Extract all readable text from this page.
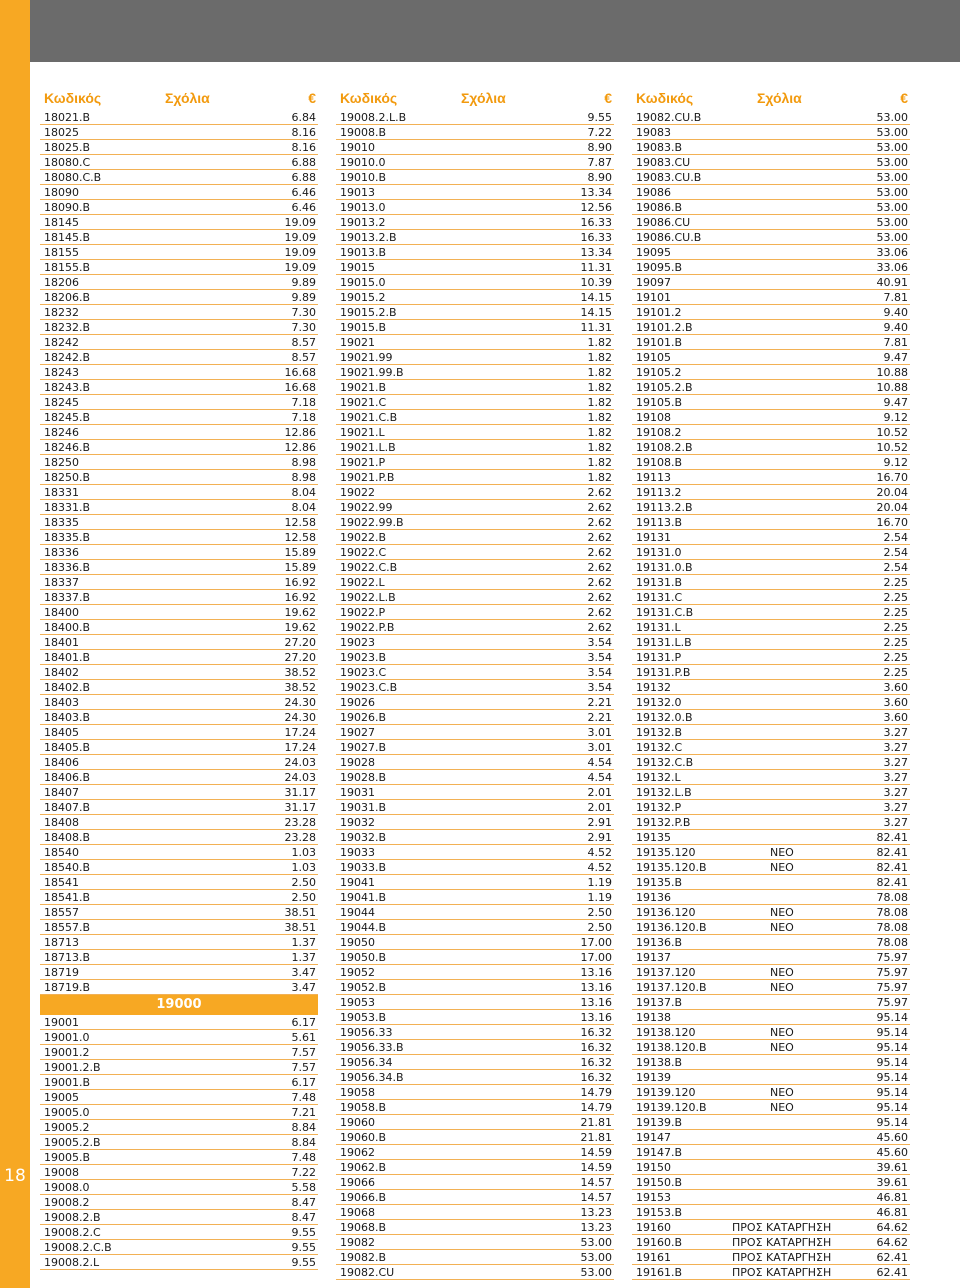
18
Κωδικός	Σχόλια	€
18021.B	6.84
18025	8.16
18025.B	8.16
18080.C	6.88
18080.C.B	6.88
18090	6.46
18090.B	6.46
18145	19.09
18145.B	19.09
18155	19.09
18155.B	19.09
18206	9.89
18206.B	9.89
18232	7.30
18232.B	7.30
18242	8.57
18242.B	8.57
18243	16.68
18243.B	16.68
18245	7.18
18245.B	7.18
18246	12.86
18246.B	12.86
18250	8.98
18250.B	8.98
18331	8.04
18331.B	8.04
18335	12.58
18335.B	12.58
18336	15.89
18336.B	15.89
18337	16.92
18337.B	16.92
18400	19.62
18400.B	19.62
18401	27.20
18401.B	27.20
18402	38.52
18402.B	38.52
18403	24.30
18403.B	24.30
18405	17.24
18405.B	17.24
18406	24.03
18406.B	24.03
18407	31.17
18407.B	31.17
18408	23.28
18408.B	23.28
18540	1.03
18540.B	1.03
18541	2.50
18541.B	2.50
18557	38.51
18557.B	38.51
18713	1.37
18713.B	1.37
18719	3.47
18719.B	3.47
19000
19001	6.17
19001.0	5.61
19001.2	7.57
19001.2.B	7.57
19001.B	6.17
19005	7.48
19005.0	7.21
19005.2	8.84
19005.2.B	8.84
19005.B	7.48
19008	7.22
19008.0	5.58
19008.2	8.47
19008.2.B	8.47
19008.2.C	9.55
19008.2.C.B	9.55
19008.2.L	9.55
Κωδικός	Σχόλια	€
19008.2.L.B	9.55
19008.B	7.22
19010	8.90
19010.0	7.87
19010.B	8.90
19013	13.34
19013.0	12.56
19013.2	16.33
19013.2.B	16.33
19013.B	13.34
19015	11.31
19015.0	10.39
19015.2	14.15
19015.2.B	14.15
19015.B	11.31
19021	1.82
19021.99	1.82
19021.99.B	1.82
19021.B	1.82
19021.C	1.82
19021.C.B	1.82
19021.L	1.82
19021.L.B	1.82
19021.P	1.82
19021.P.B	1.82
19022	2.62
19022.99	2.62
19022.99.B	2.62
19022.B	2.62
19022.C	2.62
19022.C.B	2.62
19022.L	2.62
19022.L.B	2.62
19022.P	2.62
19022.P.B	2.62
19023	3.54
19023.B	3.54
19023.C	3.54
19023.C.B	3.54
19026	2.21
19026.B	2.21
19027	3.01
19027.B	3.01
19028	4.54
19028.B	4.54
19031	2.01
19031.B	2.01
19032	2.91
19032.B	2.91
19033	4.52
19033.B	4.52
19041	1.19
19041.B	1.19
19044	2.50
19044.B	2.50
19050	17.00
19050.B	17.00
19052	13.16
19052.B	13.16
19053	13.16
19053.B	13.16
19056.33	16.32
19056.33.B	16.32
19056.34	16.32
19056.34.B	16.32
19058	14.79
19058.B	14.79
19060	21.81
19060.B	21.81
19062	14.59
19062.B	14.59
19066	14.57
19066.B	14.57
19068	13.23
19068.B	13.23
19082	53.00
19082.B	53.00
19082.CU	53.00
Κωδικός	Σχόλια	€
19082.CU.B	53.00
19083	53.00
19083.B	53.00
19083.CU	53.00
19083.CU.B	53.00
19086	53.00
19086.B	53.00
19086.CU	53.00
19086.CU.B	53.00
19095	33.06
19095.B	33.06
19097	40.91
19101	7.81
19101.2	9.40
19101.2.B	9.40
19101.B	7.81
19105	9.47
19105.2	10.88
19105.2.B	10.88
19105.B	9.47
19108	9.12
19108.2	10.52
19108.2.B	10.52
19108.B	9.12
19113	16.70
19113.2	20.04
19113.2.B	20.04
19113.B	16.70
19131	2.54
19131.0	2.54
19131.0.B	2.54
19131.B	2.25
19131.C	2.25
19131.C.B	2.25
19131.L	2.25
19131.L.B	2.25
19131.P	2.25
19131.P.B	2.25
19132	3.60
19132.0	3.60
19132.0.B	3.60
19132.B	3.27
19132.C	3.27
19132.C.B	3.27
19132.L	3.27
19132.L.B	3.27
19132.P	3.27
19132.P.B	3.27
19135	82.41
19135.120	ΝΕΟ	82.41
19135.120.B	ΝΕΟ	82.41
19135.B	82.41
19136	78.08
19136.120	ΝΕΟ	78.08
19136.120.B	ΝΕΟ	78.08
19136.B	78.08
19137	75.97
19137.120	ΝΕΟ	75.97
19137.120.B	ΝΕΟ	75.97
19137.B	75.97
19138	95.14
19138.120	ΝΕΟ	95.14
19138.120.B	ΝΕΟ	95.14
19138.B	95.14
19139	95.14
19139.120	ΝΕΟ	95.14
19139.120.B	ΝΕΟ	95.14
19139.B	95.14
19147	45.60
19147.B	45.60
19150	39.61
19150.B	39.61
19153	46.81
19153.B	46.81
19160	ΠΡΟΣ ΚΑΤΑΡΓΗΣΗ	64.62
19160.B	ΠΡΟΣ ΚΑΤΑΡΓΗΣΗ	64.62
19161	ΠΡΟΣ ΚΑΤΑΡΓΗΣΗ	62.41
19161.B	ΠΡΟΣ ΚΑΤΑΡΓΗΣΗ	62.41
